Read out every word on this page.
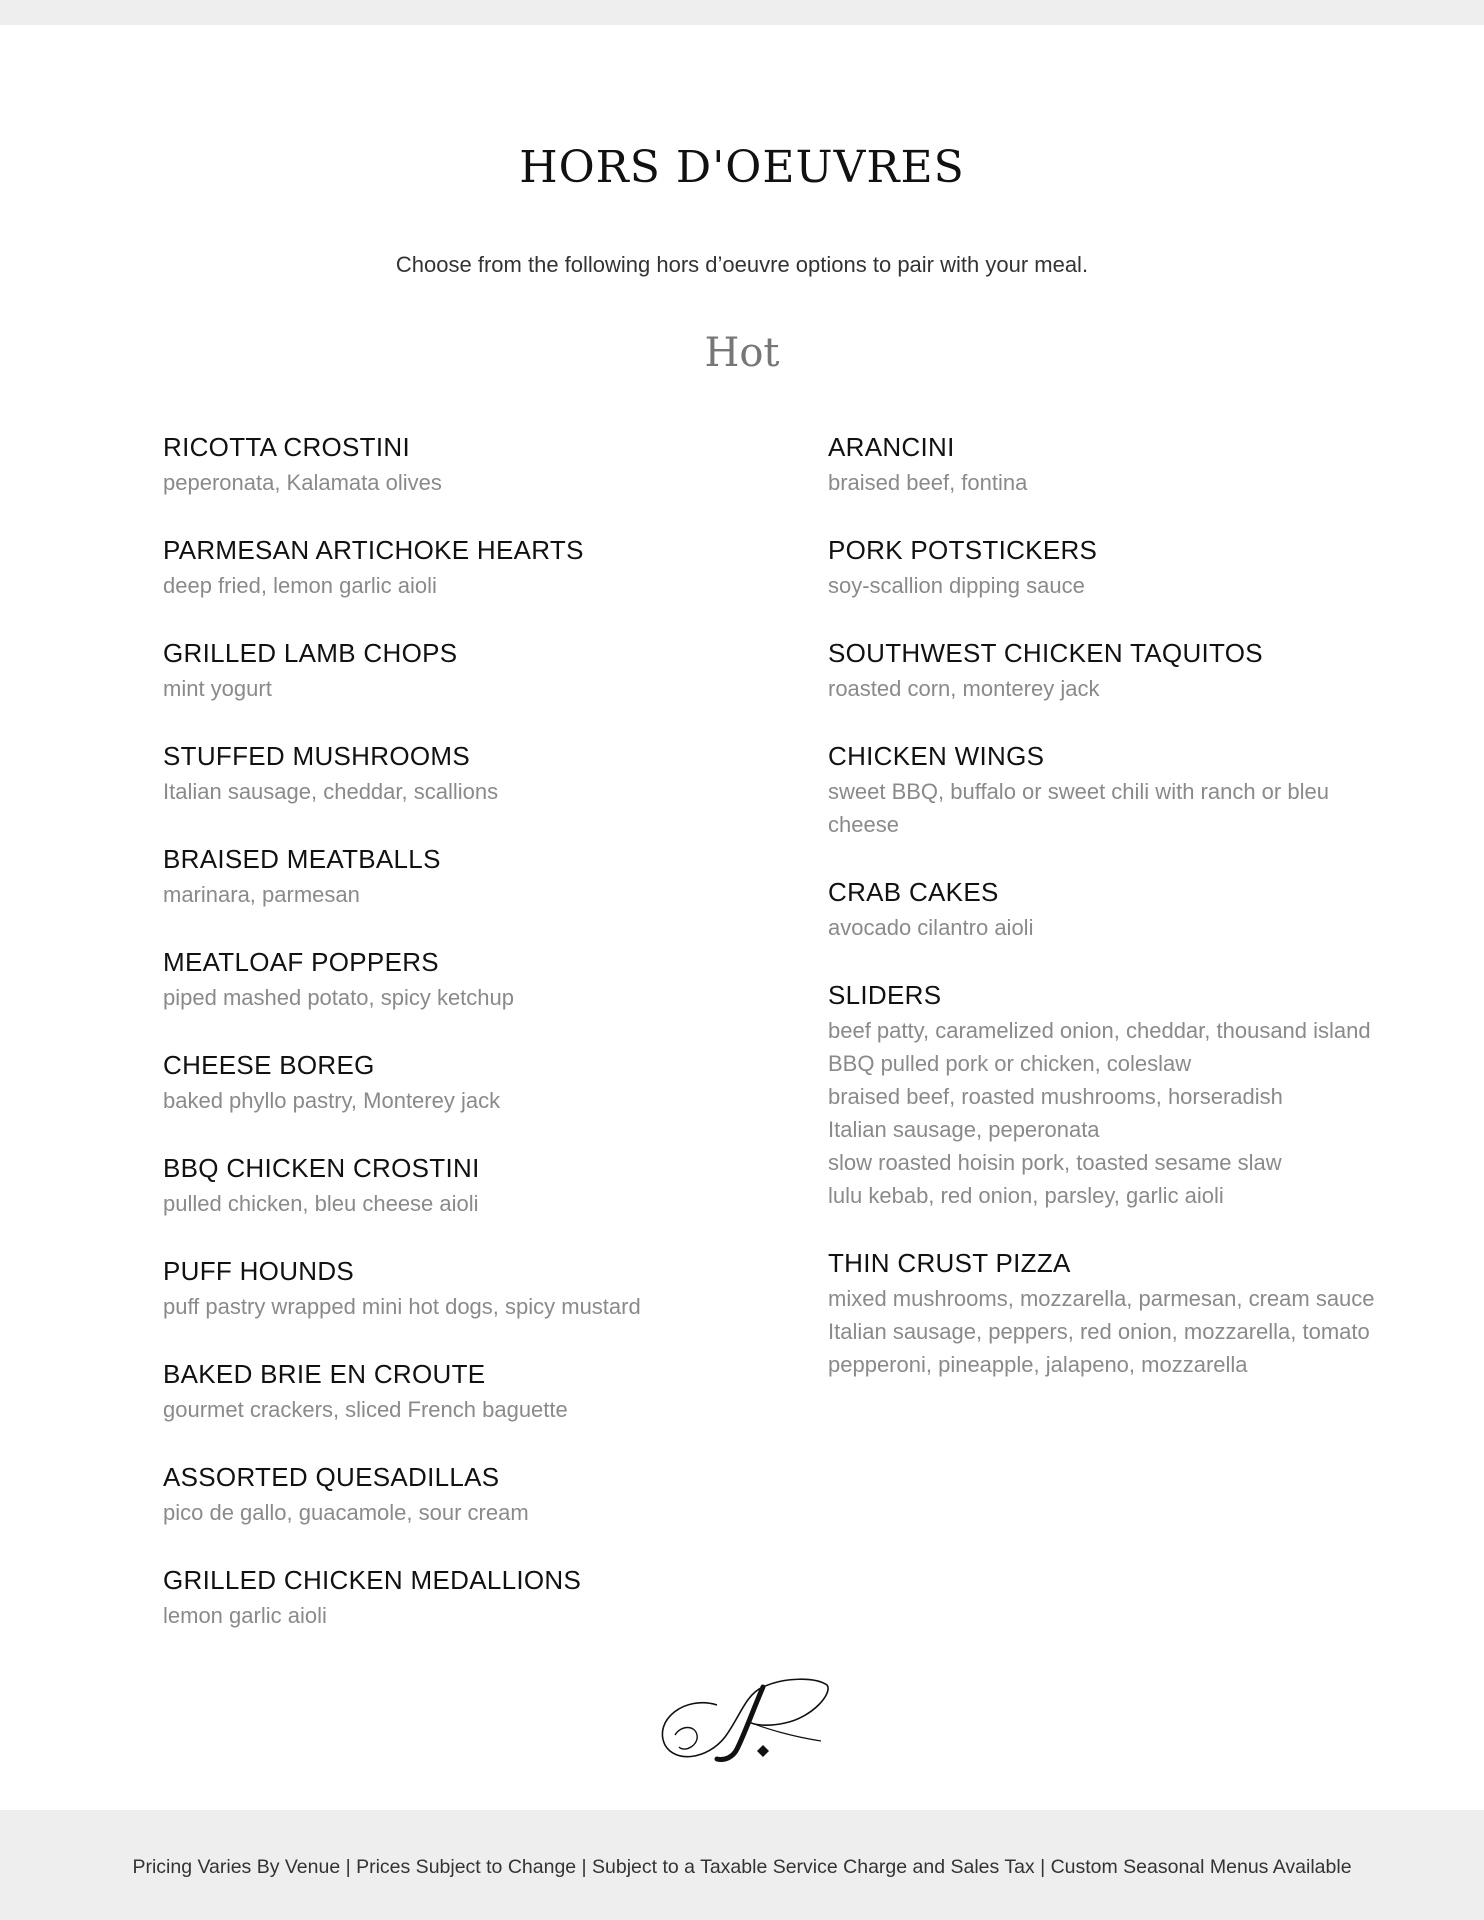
HORS D'OEUVRES
Choose from the following hors d’oeuvre options to pair with your meal.
Hot
RICOTTA CROSTINI
peperonata, Kalamata olives
PARMESAN ARTICHOKE HEARTS
deep fried, lemon garlic aioli
GRILLED LAMB CHOPS
mint yogurt
STUFFED MUSHROOMS
Italian sausage, cheddar, scallions
BRAISED MEATBALLS
marinara, parmesan
MEATLOAF POPPERS
piped mashed potato, spicy ketchup
CHEESE BOREG
baked phyllo pastry, Monterey jack
BBQ CHICKEN CROSTINI
pulled chicken, bleu cheese aioli
PUFF HOUNDS
puff pastry wrapped mini hot dogs, spicy mustard
BAKED BRIE EN CROUTE
gourmet crackers, sliced French baguette
ASSORTED QUESADILLAS
pico de gallo, guacamole, sour cream
GRILLED CHICKEN MEDALLIONS
lemon garlic aioli
ARANCINI
braised beef, fontina
PORK POTSTICKERS
soy-scallion dipping sauce
SOUTHWEST CHICKEN TAQUITOS
roasted corn, monterey jack
CHICKEN WINGS
sweet BBQ, buffalo or sweet chili with ranch or bleu
cheese
CRAB CAKES
avocado cilantro aioli
SLIDERS
beef patty, caramelized onion, cheddar, thousand island
BBQ pulled pork or chicken, coleslaw
braised beef, roasted mushrooms, horseradish
Italian sausage, peperonata
slow roasted hoisin pork, toasted sesame slaw
lulu kebab, red onion, parsley, garlic aioli
THIN CRUST PIZZA
mixed mushrooms, mozzarella, parmesan, cream sauce
Italian sausage, peppers, red onion, mozzarella, tomato
pepperoni, pineapple, jalapeno, mozzarella
Pricing Varies By Venue | Prices Subject to Change | Subject to a Taxable Service Charge and Sales Tax | Custom Seasonal Menus Available
